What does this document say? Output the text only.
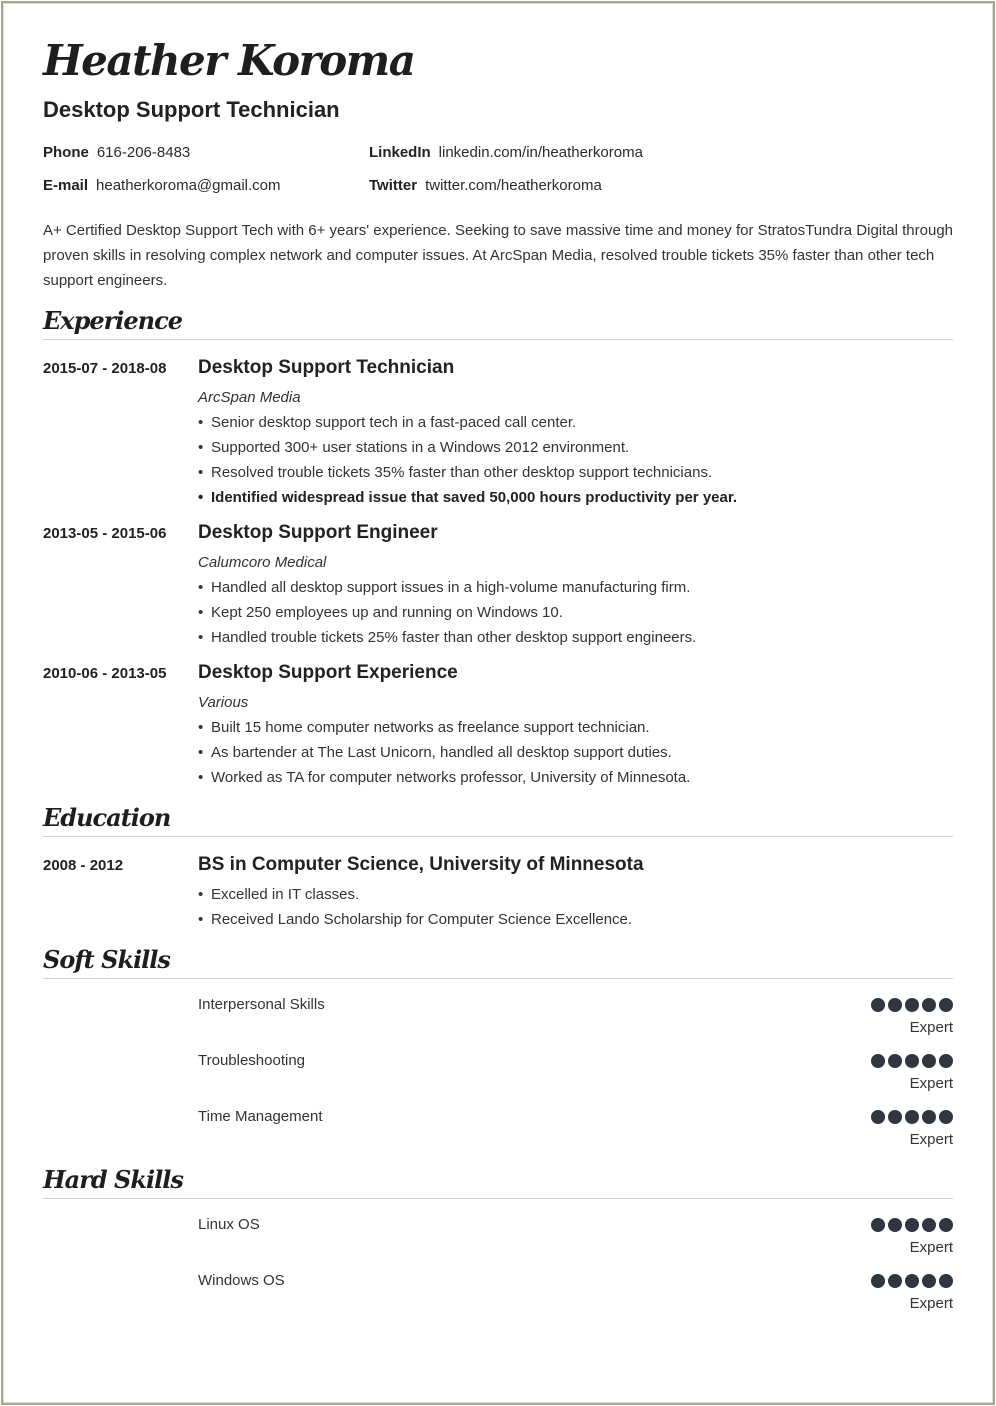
Heather Koroma
Desktop Support Technician
Phone 616-206-8483	LinkedIn linkedin.com/in/heatherkoroma
E-mail heatherkoroma@gmail.com	Twitter twitter.com/heatherkoroma

A+ Certified Desktop Support Tech with 6+ years' experience. Seeking to save massive time and money for StratosTundra Digital through proven skills in resolving complex network and computer issues. At ArcSpan Media, resolved trouble tickets 35% faster than other tech support engineers.

Experience
2015-07 - 2018-08 Desktop Support Technician
ArcSpan Media
• Senior desktop support tech in a fast-paced call center.
• Supported 300+ user stations in a Windows 2012 environment.
• Resolved trouble tickets 35% faster than other desktop support technicians.
• Identified widespread issue that saved 50,000 hours productivity per year.
2013-05 - 2015-06 Desktop Support Engineer
Calumcoro Medical
• Handled all desktop support issues in a high-volume manufacturing firm.
• Kept 250 employees up and running on Windows 10.
• Handled trouble tickets 25% faster than other desktop support engineers.
2010-06 - 2013-05 Desktop Support Experience
Various
• Built 15 home computer networks as freelance support technician.
• As bartender at The Last Unicorn, handled all desktop support duties.
• Worked as TA for computer networks professor, University of Minnesota.
Education
2008 - 2012	BS in Computer Science, University of Minnesota
• Excelled in IT classes.
• Received Lando Scholarship for Computer Science Excellence.
Soft Skills
Interpersonal Skills
Expert
Troubleshooting
Expert
Time Management
Expert
Hard Skills
Linux OS
Expert
Windows OS
Expert
